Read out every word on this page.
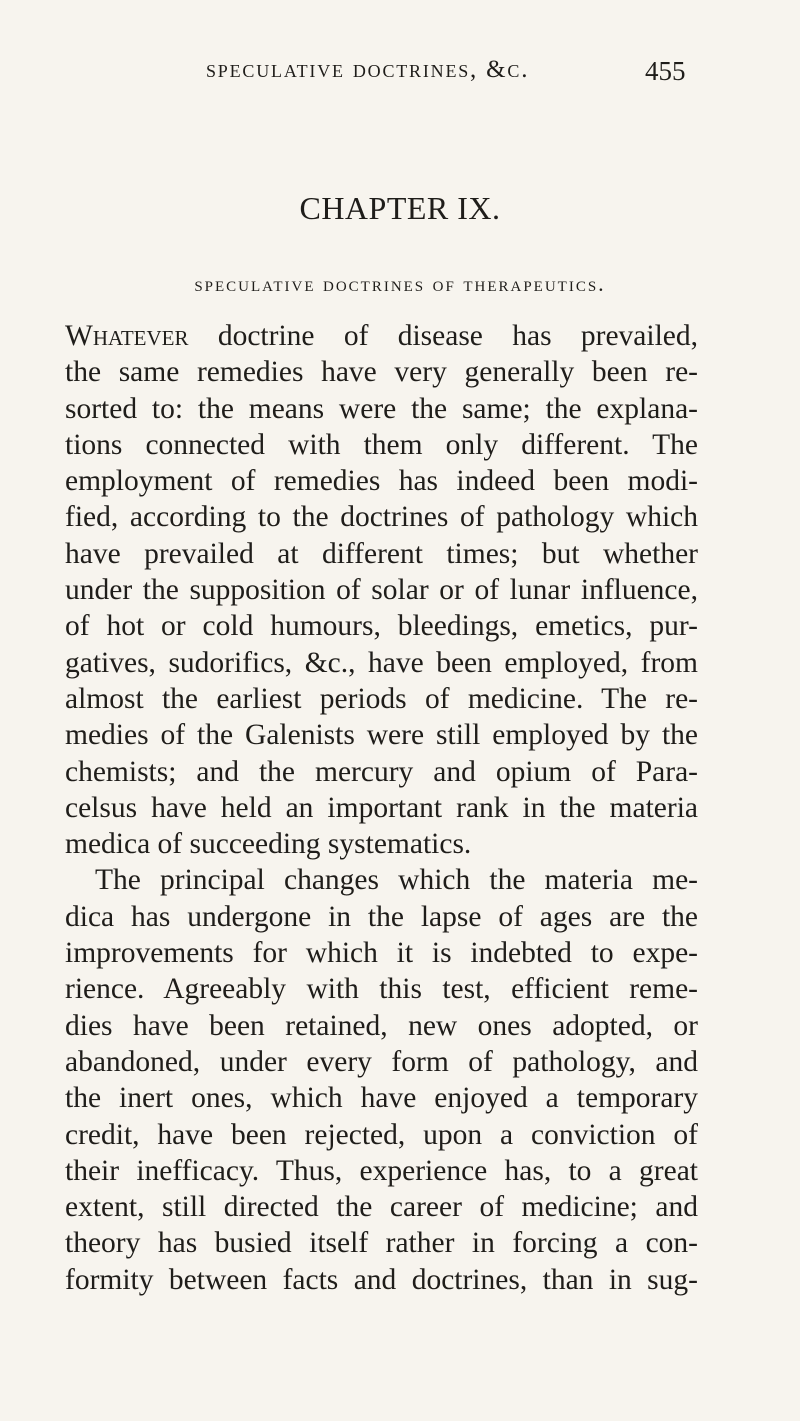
speculative doctrines, &c.	455
CHAPTER IX.
speculative doctrines of therapeutics.
Whatever doctrine of disease has prevailed,
the same remedies have very generally been re-
sorted to: the means were the same; the explana-
tions connected with them only different. The
employment of remedies has indeed been modi-
fied, according to the doctrines of pathology which
have prevailed at different times; but whether
under the supposition of solar or of lunar influence,
of hot or cold humours, bleedings, emetics, pur-
gatives, sudorifics, &c., have been employed, from
almost the earliest periods of medicine. The re-
medies of the Galenists were still employed by the
chemists; and the mercury and opium of Para-
celsus have held an important rank in the materia
medica of succeeding systematics.
The principal changes which the materia me-
dica has undergone in the lapse of ages are the
improvements for which it is indebted to expe-
rience. Agreeably with this test, efficient reme-
dies have been retained, new ones adopted, or
abandoned, under every form of pathology, and
the inert ones, which have enjoyed a temporary
credit, have been rejected, upon a conviction of
their inefficacy. Thus, experience has, to a great
extent, still directed the career of medicine; and
theory has busied itself rather in forcing a con-
formity between facts and doctrines, than in sug-
